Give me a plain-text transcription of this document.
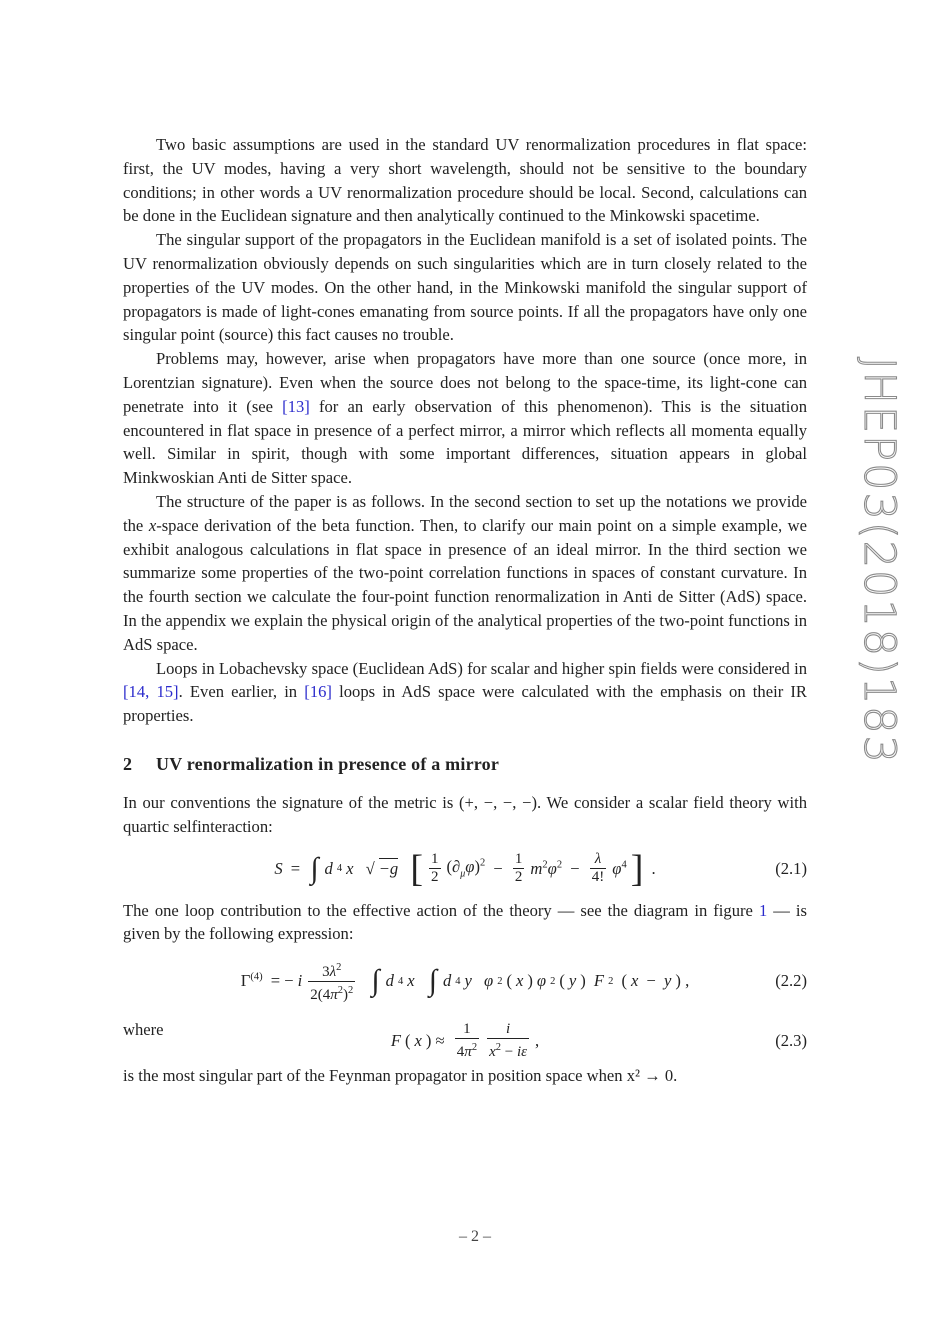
Two basic assumptions are used in the standard UV renormalization procedures in flat space: first, the UV modes, having a very short wavelength, should not be sensitive to the boundary conditions; in other words a UV renormalization procedure should be local. Second, calculations can be done in the Euclidean signature and then analytically continued to the Minkowski spacetime.

The singular support of the propagators in the Euclidean manifold is a set of isolated points. The UV renormalization obviously depends on such singularities which are in turn closely related to the properties of the UV modes. On the other hand, in the Minkowski manifold the singular support of propagators is made of light-cones emanating from source points. If all the propagators have only one singular point (source) this fact causes no trouble.

Problems may, however, arise when propagators have more than one source (once more, in Lorentzian signature). Even when the source does not belong to the space-time, its light-cone can penetrate into it (see [13] for an early observation of this phenomenon). This is the situation encountered in flat space in presence of a perfect mirror, a mirror which reflects all momenta equally well. Similar in spirit, though with some important differences, situation appears in global Minkwoskian Anti de Sitter space.

The structure of the paper is as follows. In the second section to set up the notations we provide the x-space derivation of the beta function. Then, to clarify our main point on a simple example, we exhibit analogous calculations in flat space in presence of an ideal mirror. In the third section we summarize some properties of the two-point correlation functions in spaces of constant curvature. In the fourth section we calculate the four-point function renormalization in Anti de Sitter (AdS) space. In the appendix we explain the physical origin of the analytical properties of the two-point functions in AdS space.

Loops in Lobachevsky space (Euclidean AdS) for scalar and higher spin fields were considered in [14, 15]. Even earlier, in [16] loops in AdS space were calculated with the emphasis on their IR properties.

2 UV renormalization in presence of a mirror

In our conventions the signature of the metric is (+, −, −, −). We consider a scalar field theory with quartic selfinteraction:

S = ∫ d 4 x
√ −g
[ $\frac{1}{2} (\partial_\mu\varphi)^2 - \frac{1}{2} m^2\varphi^2 - \frac{\lambda}{4!} \varphi^4$ ] .	(2.1)

The one loop contribution to the effective action of the theory — see the diagram in figure 1 — is given by the following expression:

$\Gamma^{(4)}$ = − i $\frac{3\lambda^2}{2(4\pi^2)^2}$
∫ d 4 x
∫ d 4 y
φ 2 ( x ) φ 2 ( y ) F 2 ( x − y ) ,	(2.2)

where

F ( x ) ≈ $\frac{1}{4\pi^2} \frac{i}{x^2 - i\varepsilon}$ ,	(2.3)

is the most singular part of the Feynman propagator in position space when x² → 0.

JHEP03(2018)183
– 2 –
